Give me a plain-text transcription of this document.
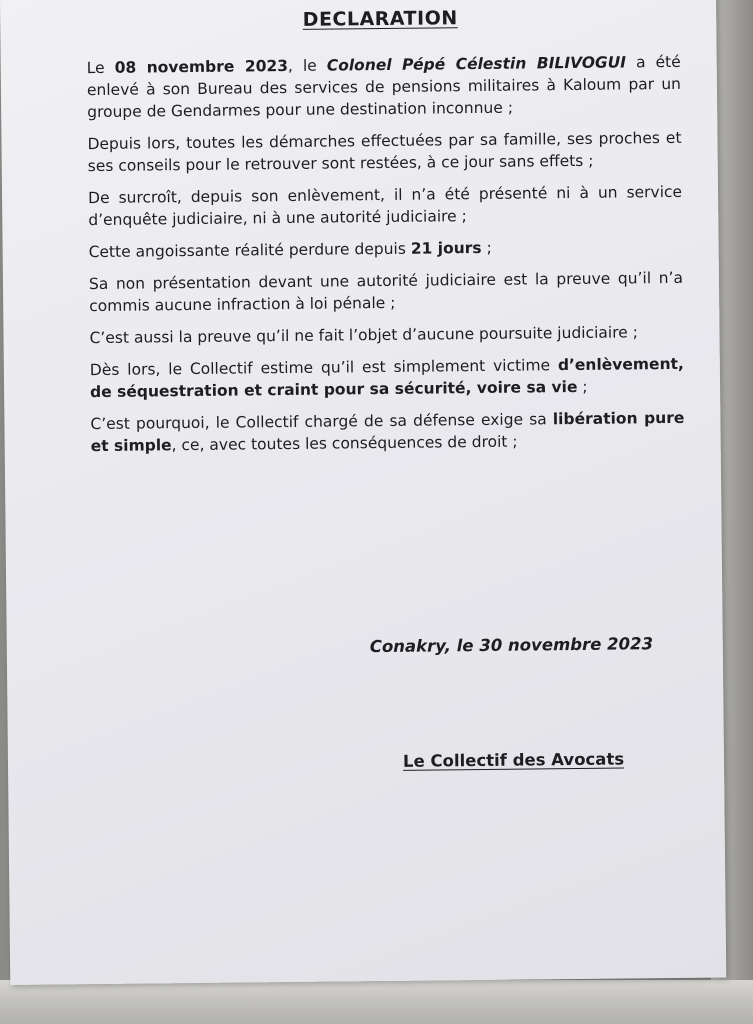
DECLARATION

Le 08 novembre 2023, le Colonel Pépé Célestin BILIVOGUI a été enlevé à son Bureau des services de pensions militaires à Kaloum par un groupe de Gendarmes pour une destination inconnue ;

Depuis lors, toutes les démarches effectuées par sa famille, ses proches et ses conseils pour le retrouver sont restées, à ce jour sans effets ;

De surcroît, depuis son enlèvement, il n’a été présenté ni à un service d’enquête judiciaire, ni à une autorité judiciaire ;

Cette angoissante réalité perdure depuis 21 jours ;

Sa non présentation devant une autorité judiciaire est la preuve qu’il n’a commis aucune infraction à loi pénale ;

C’est aussi la preuve qu’il ne fait l’objet d’aucune poursuite judiciaire ;

Dès lors, le Collectif estime qu’il est simplement victime d’enlèvement, de séquestration et craint pour sa sécurité, voire sa vie ;

C’est pourquoi, le Collectif chargé de sa défense exige sa libération pure et simple, ce, avec toutes les conséquences de droit ;

Conakry, le 30 novembre 2023
Le Collectif des Avocats
